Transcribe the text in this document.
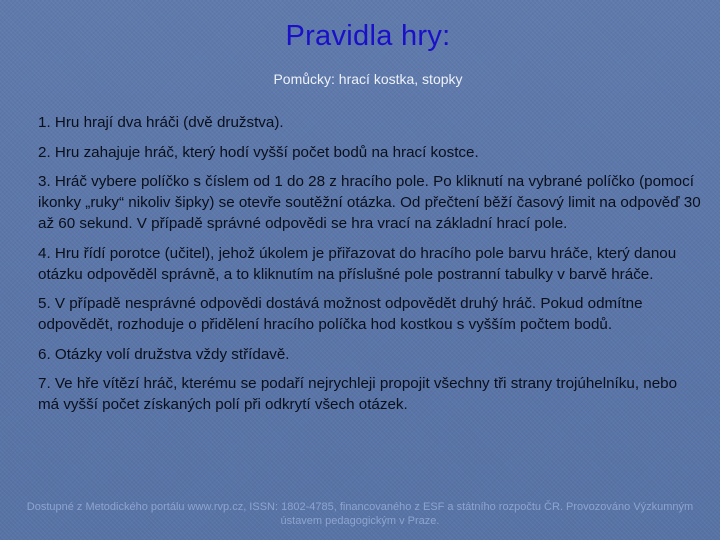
Pravidla hry:
Pomůcky: hrací kostka, stopky
1. Hru hrají dva hráči (dvě družstva).
2. Hru zahajuje hráč, který hodí vyšší počet bodů na hrací kostce.
3. Hráč vybere políčko s číslem od 1 do 28 z hracího pole. Po kliknutí na vybrané políčko (pomocí ikonky „ruky“ nikoliv šipky) se otevře soutěžní otázka. Od přečtení běží časový limit na odpověď 30 až 60 sekund. V případě správné odpovědi se hra vrací na základní hrací pole.
4. Hru řídí porotce (učitel), jehož úkolem je přiřazovat do hracího pole barvu hráče, který danou otázku odpověděl správně, a to kliknutím na příslušné pole postranní tabulky v barvě hráče.
5. V případě nesprávné odpovědi dostává možnost odpovědět druhý hráč. Pokud odmítne odpovědět, rozhoduje o přidělení hracího políčka hod kostkou s vyšším počtem bodů.
6. Otázky volí družstva vždy střídavě.
7. Ve hře vítězí hráč, kterému se podaří nejrychleji propojit všechny tři strany trojúhelníku, nebo má vyšší počet získaných polí při odkrytí všech otázek.
Dostupné z Metodického portálu www.rvp.cz, ISSN: 1802-4785, financovaného z ESF a státního rozpočtu ČR. Provozováno Výzkumným ústavem pedagogickým v Praze.
